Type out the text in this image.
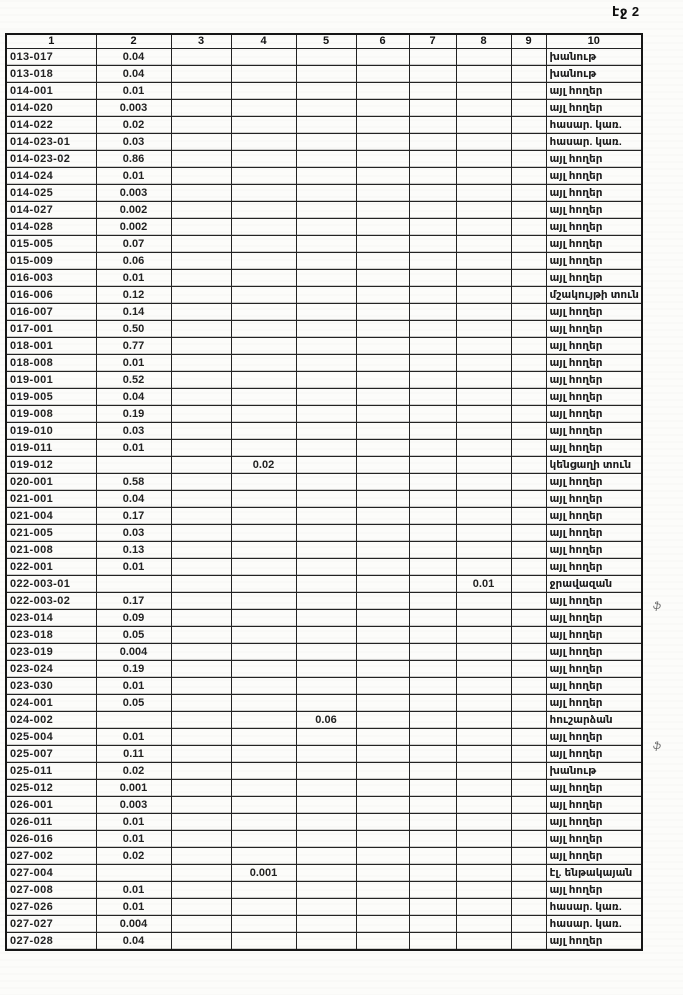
էջ 2
1	2	3	4	5	6	7	8	9	10
013-017	0.04								խանութ
013-018	0.04								խանութ
014-001	0.01								այլ հողեր
014-020	0.003								այլ հողեր
014-022	0.02								հասար. կառ.
014-023-01	0.03								հասար. կառ.
014-023-02	0.86								այլ հողեր
014-024	0.01								այլ հողեր
014-025	0.003								այլ հողեր
014-027	0.002								այլ հողեր
014-028	0.002								այլ հողեր
015-005	0.07								այլ հողեր
015-009	0.06								այլ հողեր
016-003	0.01								այլ հողեր
016-006	0.12								մշակույթի տուն
016-007	0.14								այլ հողեր
017-001	0.50								այլ հողեր
018-001	0.77								այլ հողեր
018-008	0.01								այլ հողեր
019-001	0.52								այլ հողեր
019-005	0.04								այլ հողեր
019-008	0.19								այլ հողեր
019-010	0.03								այլ հողեր
019-011	0.01								այլ հողեր
019-012			0.02						կենցաղի տուն
020-001	0.58								այլ հողեր
021-001	0.04								այլ հողեր
021-004	0.17								այլ հողեր
021-005	0.03								այլ հողեր
021-008	0.13								այլ հողեր
022-001	0.01								այլ հողեր
022-003-01							0.01		ջրավազան
022-003-02	0.17								այլ հողեր
023-014	0.09								այլ հողեր
023-018	0.05								այլ հողեր
023-019	0.004								այլ հողեր
023-024	0.19								այլ հողեր
023-030	0.01								այլ հողեր
024-001	0.05								այլ հողեր
024-002				0.06					հուշարձան
025-004	0.01								այլ հողեր
025-007	0.11								այլ հողեր
025-011	0.02								խանութ
025-012	0.001								այլ հողեր
026-001	0.003								այլ հողեր
026-011	0.01								այլ հողեր
026-016	0.01								այլ հողեր
027-002	0.02								այլ հողեր
027-004			0.001						էլ. ենթակայան
027-008	0.01								այլ հողեր
027-026	0.01								հասար. կառ.
027-027	0.004								հասար. կառ.
027-028	0.04								այլ հողեր
ֆ
ֆ
